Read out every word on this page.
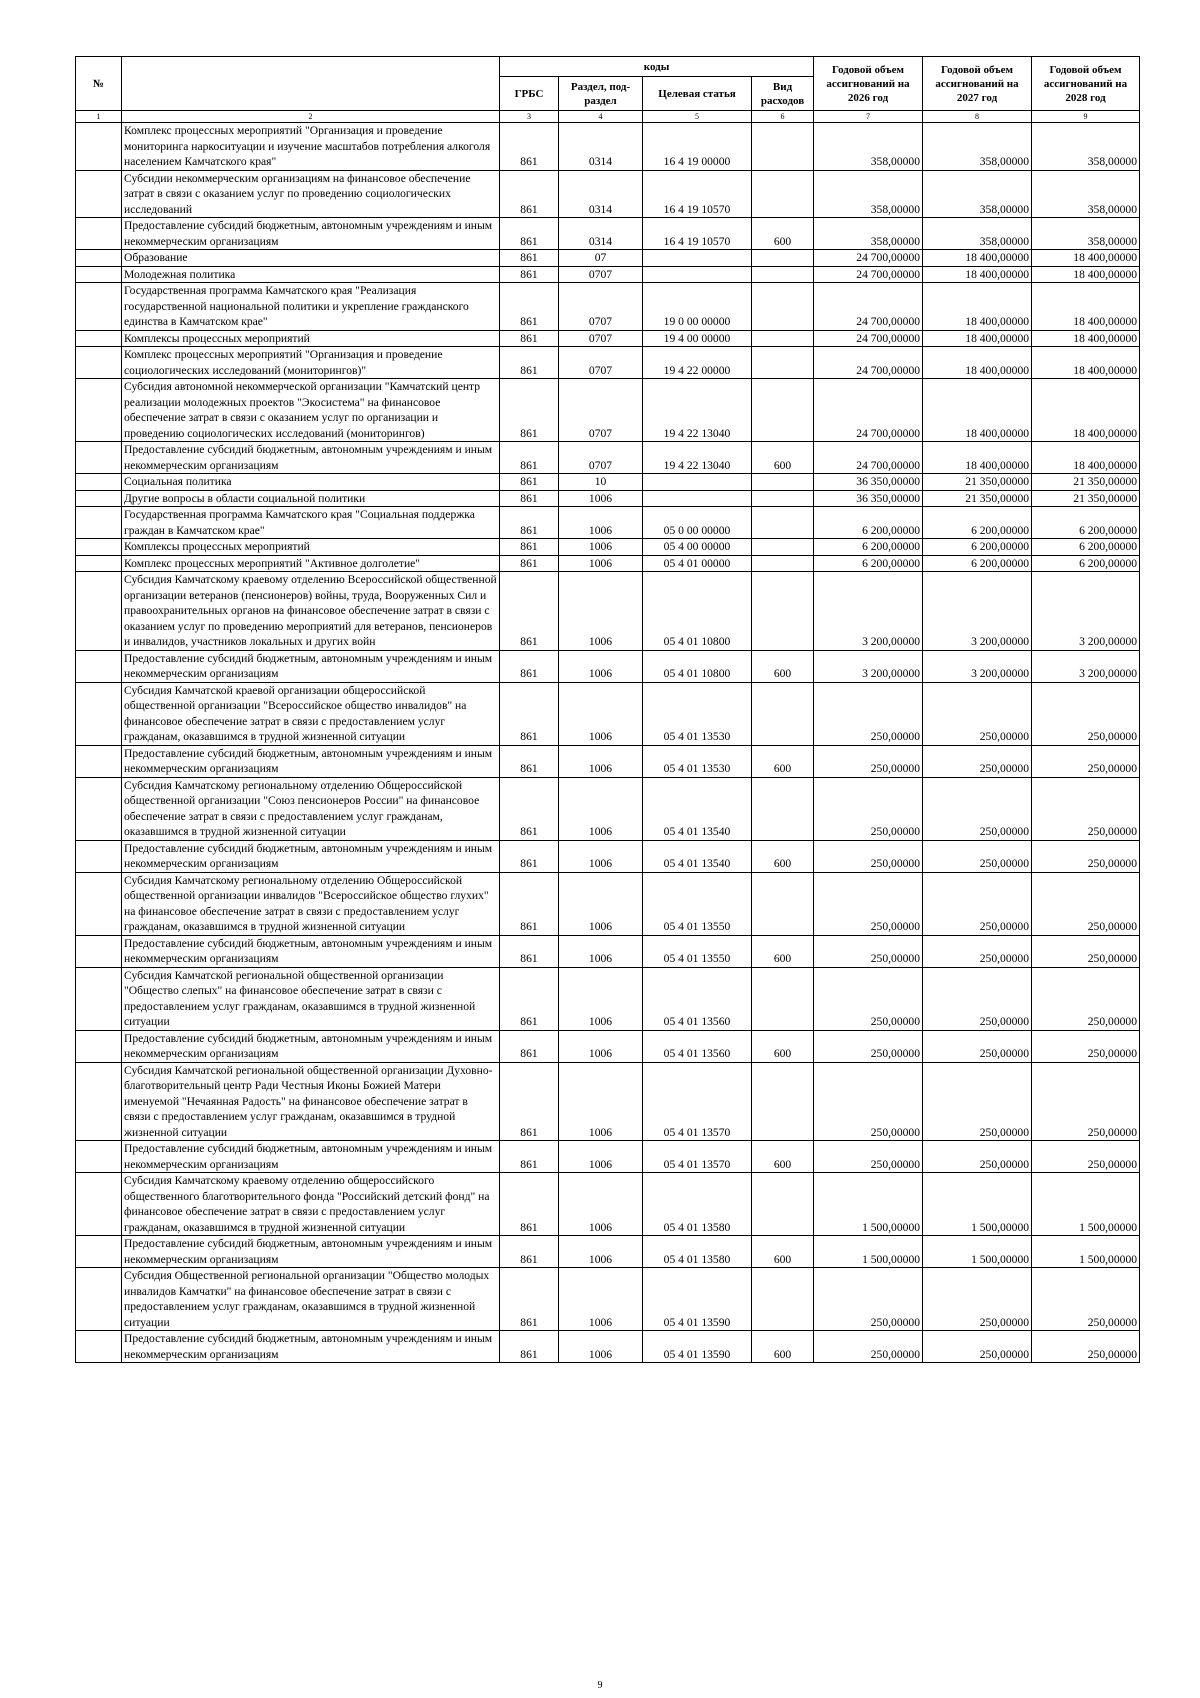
№		коды				Годовой объем ассигнований на 2026 год	Годовой объем ассигнований на 2027 год	Годовой объем ассигнований на 2028 год
		ГРБС	Раздел, под-раздел	Целевая статья	Вид расходов			
1	2	3	4	5	6	7	8	9
	Комплекс процессных мероприятий "Организация и проведение мониторинга наркоситуации и изучение масштабов потребления алкоголя населением Камчатского края"	861	0314	16 4 19 00000		358,00000	358,00000	358,00000
	Субсидии некоммерческим организациям на финансовое обеспечение затрат в связи с оказанием услуг по проведению социологических исследований	861	0314	16 4 19 10570		358,00000	358,00000	358,00000
	Предоставление субсидий бюджетным, автономным учреждениям и иным некоммерческим организациям	861	0314	16 4 19 10570	600	358,00000	358,00000	358,00000
	Образование	861	07			24 700,00000	18 400,00000	18 400,00000
	Молодежная политика	861	0707			24 700,00000	18 400,00000	18 400,00000
	Государственная программа Камчатского края "Реализация государственной национальной политики и укрепление гражданского единства в Камчатском крае"	861	0707	19 0 00 00000		24 700,00000	18 400,00000	18 400,00000
	Комплексы процессных мероприятий	861	0707	19 4 00 00000		24 700,00000	18 400,00000	18 400,00000
	Комплекс процессных мероприятий "Организация и проведение социологических исследований (мониторингов)"	861	0707	19 4 22 00000		24 700,00000	18 400,00000	18 400,00000
	Субсидия автономной некоммерческой организации "Камчатский центр реализации молодежных проектов "Экосистема" на финансовое обеспечение затрат в связи с оказанием услуг по организации и проведению социологических исследований (мониторингов)	861	0707	19 4 22 13040		24 700,00000	18 400,00000	18 400,00000
	Предоставление субсидий бюджетным, автономным учреждениям и иным некоммерческим организациям	861	0707	19 4 22 13040	600	24 700,00000	18 400,00000	18 400,00000
	Социальная политика	861	10			36 350,00000	21 350,00000	21 350,00000
	Другие вопросы в области социальной политики	861	1006			36 350,00000	21 350,00000	21 350,00000
	Государственная программа Камчатского края "Социальная поддержка граждан в Камчатском крае"	861	1006	05 0 00 00000		6 200,00000	6 200,00000	6 200,00000
	Комплексы процессных мероприятий	861	1006	05 4 00 00000		6 200,00000	6 200,00000	6 200,00000
	Комплекс процессных мероприятий "Активное долголетие"	861	1006	05 4 01 00000		6 200,00000	6 200,00000	6 200,00000
	Субсидия Камчатскому краевому отделению Всероссийской общественной организации ветеранов (пенсионеров) войны, труда, Вооруженных Сил и правоохранительных органов на финансовое обеспечение затрат в связи с оказанием услуг по проведению мероприятий для ветеранов, пенсионеров и инвалидов, участников локальных и других войн	861	1006	05 4 01 10800		3 200,00000	3 200,00000	3 200,00000
	Предоставление субсидий бюджетным, автономным учреждениям и иным некоммерческим организациям	861	1006	05 4 01 10800	600	3 200,00000	3 200,00000	3 200,00000
	Субсидия Камчатской краевой организации общероссийской общественной организации "Всероссийское общество инвалидов" на финансовое обеспечение затрат в связи с предоставлением услуг гражданам, оказавшимся в трудной жизненной ситуации	861	1006	05 4 01 13530		250,00000	250,00000	250,00000
	Предоставление субсидий бюджетным, автономным учреждениям и иным некоммерческим организациям	861	1006	05 4 01 13530	600	250,00000	250,00000	250,00000
	Субсидия Камчатскому региональному отделению Общероссийской общественной организации "Союз пенсионеров России" на финансовое обеспечение затрат в связи с предоставлением услуг гражданам, оказавшимся в трудной жизненной ситуации	861	1006	05 4 01 13540		250,00000	250,00000	250,00000
	Предоставление субсидий бюджетным, автономным учреждениям и иным некоммерческим организациям	861	1006	05 4 01 13540	600	250,00000	250,00000	250,00000
	Субсидия Камчатскому региональному отделению Общероссийской общественной организации инвалидов "Всероссийское общество глухих" на финансовое обеспечение затрат в связи с предоставлением услуг гражданам, оказавшимся в трудной жизненной ситуации	861	1006	05 4 01 13550		250,00000	250,00000	250,00000
	Предоставление субсидий бюджетным, автономным учреждениям и иным некоммерческим организациям	861	1006	05 4 01 13550	600	250,00000	250,00000	250,00000
	Субсидия Камчатской региональной общественной организации "Общество слепых" на финансовое обеспечение затрат в связи с предоставлением услуг гражданам, оказавшимся в трудной жизненной ситуации	861	1006	05 4 01 13560		250,00000	250,00000	250,00000
	Предоставление субсидий бюджетным, автономным учреждениям и иным некоммерческим организациям	861	1006	05 4 01 13560	600	250,00000	250,00000	250,00000
	Субсидия Камчатской региональной общественной организации Духовно-благотворительный центр Ради Честныя Иконы Божией Матери именуемой "Нечаянная Радость" на финансовое обеспечение затрат в связи с предоставлением услуг гражданам, оказавшимся в трудной жизненной ситуации	861	1006	05 4 01 13570		250,00000	250,00000	250,00000
	Предоставление субсидий бюджетным, автономным учреждениям и иным некоммерческим организациям	861	1006	05 4 01 13570	600	250,00000	250,00000	250,00000
	Субсидия Камчатскому краевому отделению общероссийского общественного благотворительного фонда "Российский детский фонд" на финансовое обеспечение затрат в связи с предоставлением услуг гражданам, оказавшимся в трудной жизненной ситуации	861	1006	05 4 01 13580		1 500,00000	1 500,00000	1 500,00000
	Предоставление субсидий бюджетным, автономным учреждениям и иным некоммерческим организациям	861	1006	05 4 01 13580	600	1 500,00000	1 500,00000	1 500,00000
	Субсидия Общественной региональной организации "Общество молодых инвалидов Камчатки" на финансовое обеспечение затрат в связи с предоставлением услуг гражданам, оказавшимся в трудной жизненной ситуации	861	1006	05 4 01 13590		250,00000	250,00000	250,00000
	Предоставление субсидий бюджетным, автономным учреждениям и иным некоммерческим организациям	861	1006	05 4 01 13590	600	250,00000	250,00000	250,00000
9
